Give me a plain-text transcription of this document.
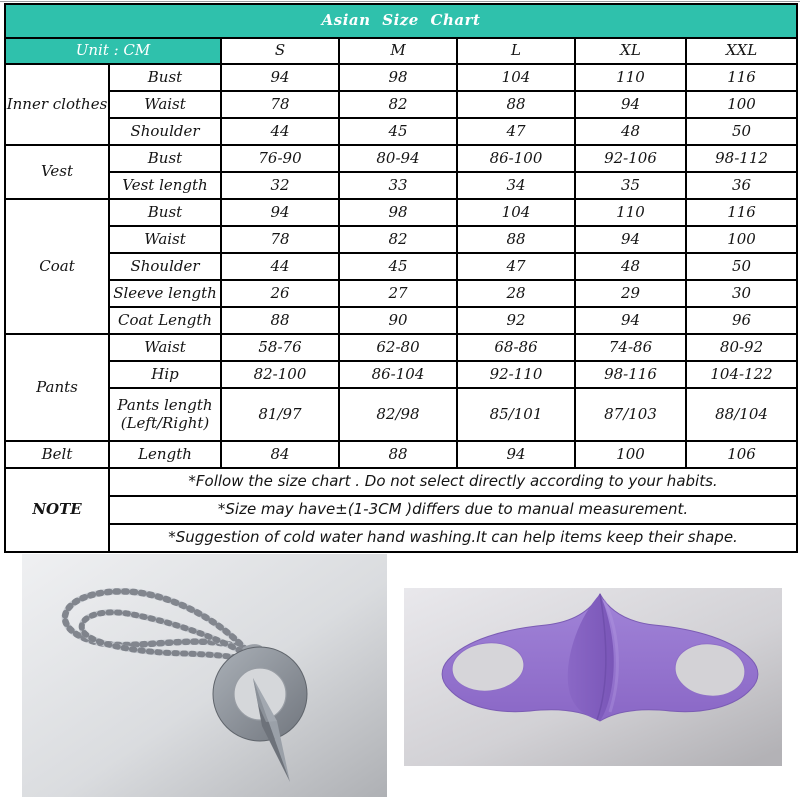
Asian Size Chart						
Unit : CM		S	M	L	XL	XXL
Inner clothes	Bust	94	98	104	110	116
	Waist	78	82	88	94	100
	Shoulder	44	45	47	48	50
Vest	Bust	76-90	80-94	86-100	92-106	98-112
	Vest length	32	33	34	35	36
Coat	Bust	94	98	104	110	116
	Waist	78	82	88	94	100
	Shoulder	44	45	47	48	50
	Sleeve length	26	27	28	29	30
	Coat Length	88	90	92	94	96
Pants	Waist	58-76	62-80	68-86	74-86	80-92
	Hip	82-100	86-104	92-110	98-116	104-122
	Pants length (Left/Right)	81/97	82/98	85/101	87/103	88/104
Belt	Length	84	88	94	100	106
NOTE	*Follow the size chart . Do not select directly according to your habits.					
	*Size may have±(1-3CM )differs due to manual measurement.					
	*Suggestion of cold water hand washing.It can help items keep their shape.					
